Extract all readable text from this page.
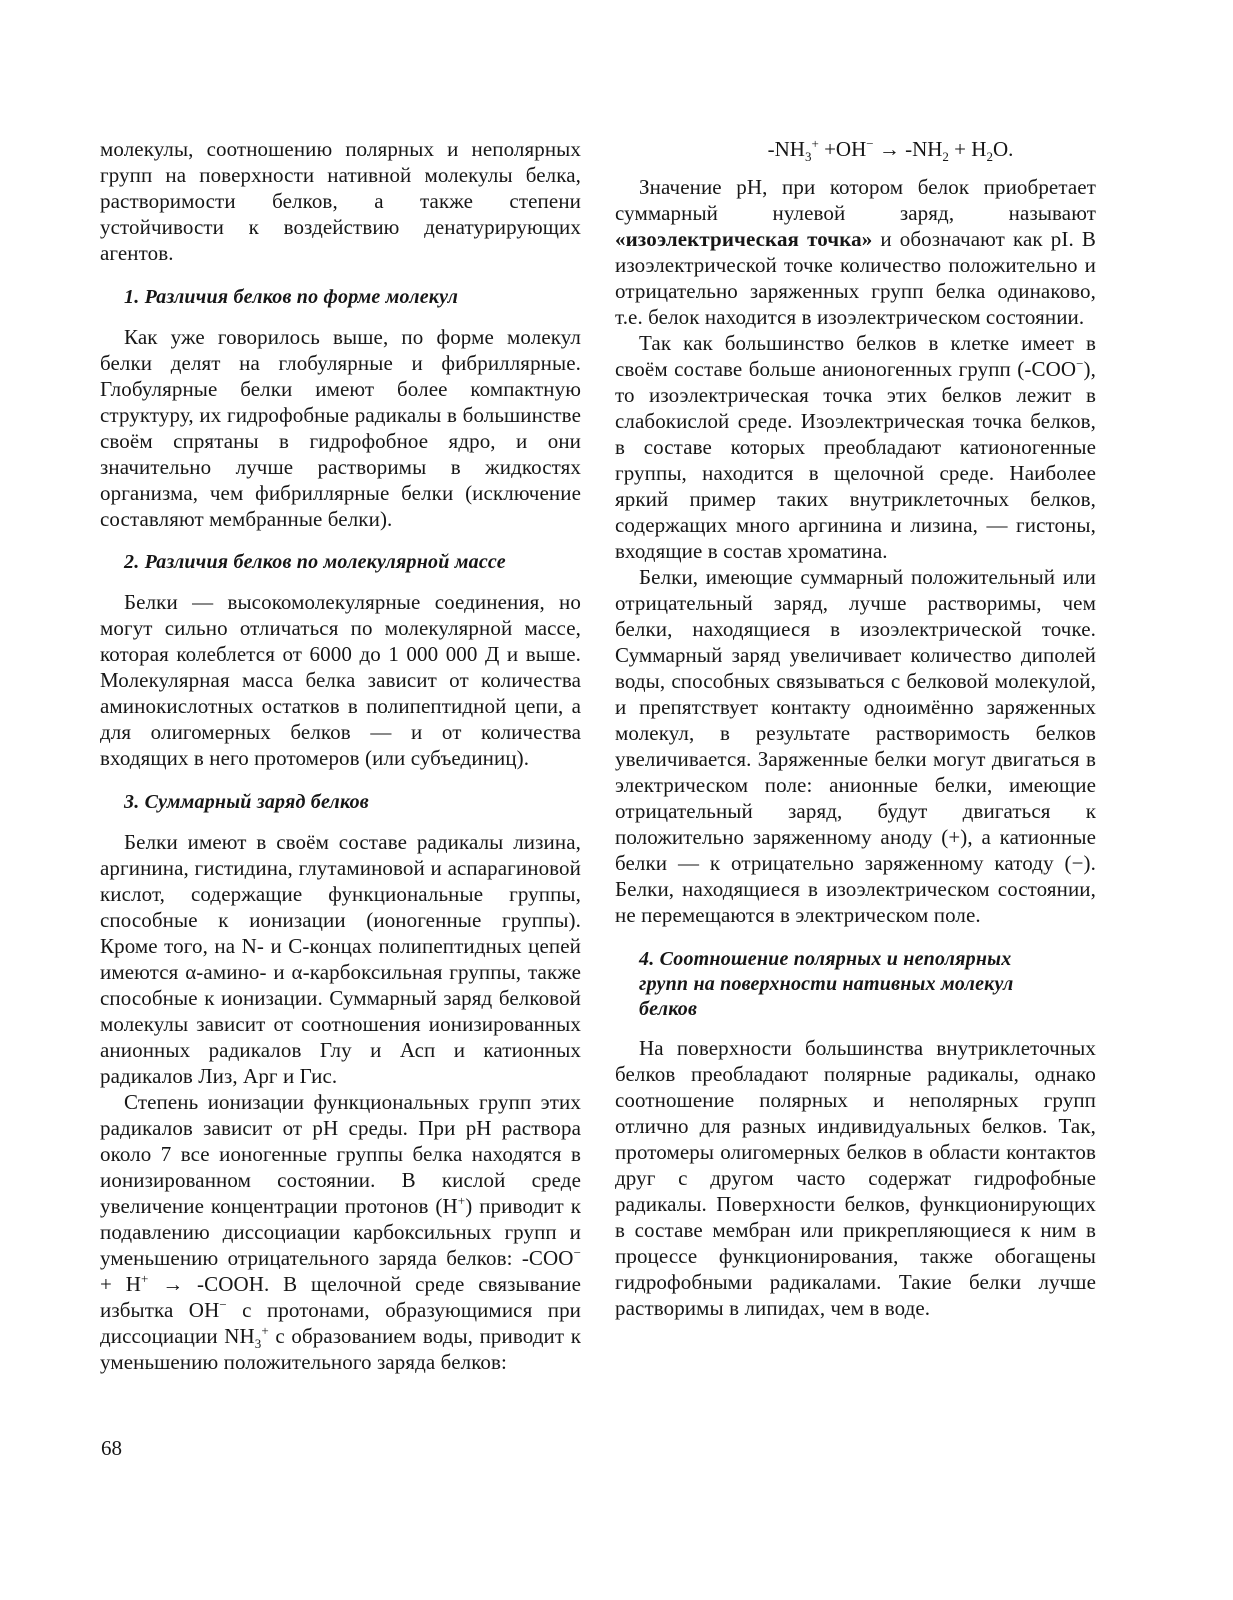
молекулы, соотношению полярных и неполярных групп на поверхности нативной молекулы белка, растворимости белков, а также степени устойчивости к воздействию денатурирующих агентов.

1. Различия белков по форме молекул

Как уже говорилось выше, по форме молекул белки делят на глобулярные и фибриллярные. Глобулярные белки имеют более компактную структуру, их гидрофобные радикалы в большинстве своём спрятаны в гидрофобное ядро, и они значительно лучше растворимы в жидкостях организма, чем фибриллярные белки (исключение составляют мембранные белки).

2. Различия белков по молекулярной массе

Белки — высокомолекулярные соединения, но могут сильно отличаться по молекулярной массе, которая колеблется от 6000 до 1 000 000 Д и выше. Молекулярная масса белка зависит от количества аминокислотных остатков в полипептидной цепи, а для олигомерных белков — и от количества входящих в него протомеров (или субъединиц).

3. Суммарный заряд белков

Белки имеют в своём составе радикалы лизина, аргинина, гистидина, глутаминовой и аспарагиновой кислот, содержащие функциональные группы, способные к ионизации (ионогенные группы). Кроме того, на N- и С-концах полипептидных цепей имеются α-амино- и α-карбоксильная группы, также способные к ионизации. Суммарный заряд белковой молекулы зависит от соотношения ионизированных анионных радикалов Глу и Асп и катионных радикалов Лиз, Арг и Гис.

Степень ионизации функциональных групп этих радикалов зависит от рН среды. При рН раствора около 7 все ионогенные группы белка находятся в ионизированном состоянии. В кислой среде увеличение концентрации протонов (Н+) приводит к подавлению диссоциации карбоксильных групп и уменьшению отрицательного заряда белков: -СОО− + Н+ → -СООН. В щелочной среде связывание избытка ОН− с протонами, образующимися при диссоциации $NH_3^+$ с образованием воды, приводит к уменьшению положительного заряда белков:

$-NH_3^+ +OH^- \to -NH_2 + H_2O$.

Значение рН, при котором белок приобретает суммарный нулевой заряд, называют «изоэлектрическая точка» и обозначают как pI. В изоэлектрической точке количество положительно и отрицательно заряженных групп белка одинаково, т.е. белок находится в изоэлектрическом состоянии.

Так как большинство белков в клетке имеет в своём составе больше анионогенных групп (-СОО−), то изоэлектрическая точка этих белков лежит в слабокислой среде. Изоэлектрическая точка белков, в составе которых преобладают катионогенные группы, находится в щелочной среде. Наиболее яркий пример таких внутриклеточных белков, содержащих много аргинина и лизина, — гистоны, входящие в состав хроматина.

Белки, имеющие суммарный положительный или отрицательный заряд, лучше растворимы, чем белки, находящиеся в изоэлектрической точке. Суммарный заряд увеличивает количество диполей воды, способных связываться с белковой молекулой, и препятствует контакту одноимённо заряженных молекул, в результате растворимость белков увеличивается. Заряженные белки могут двигаться в электрическом поле: анионные белки, имеющие отрицательный заряд, будут двигаться к положительно заряженному аноду (+), а катионные белки — к отрицательно заряженному катоду (−). Белки, находящиеся в изоэлектрическом состоянии, не перемещаются в электрическом поле.

4. Соотношение полярных и неполярных групп на поверхности нативных молекул белков

На поверхности большинства внутриклеточных белков преобладают полярные радикалы, однако соотношение полярных и неполярных групп отлично для разных индивидуальных белков. Так, протомеры олигомерных белков в области контактов друг с другом часто содержат гидрофобные радикалы. Поверхности белков, функционирующих в составе мембран или прикрепляющиеся к ним в процессе функционирования, также обогащены гидрофобными радикалами. Такие белки лучше растворимы в липидах, чем в воде.

68
